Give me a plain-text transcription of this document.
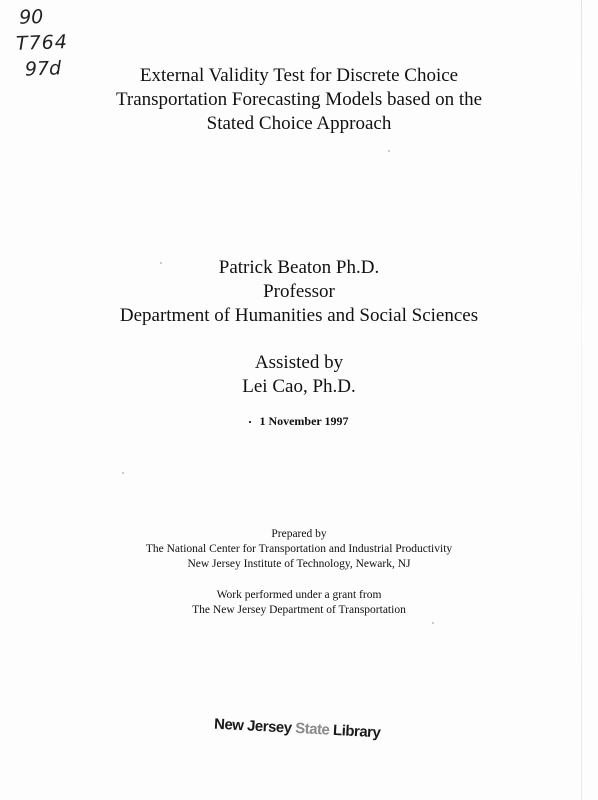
90
T764
97d	External Validity Test for Discrete Choice
Transportation Forecasting Models based on the
Stated Choice Approach
Patrick Beaton Ph.D.
Professor
Department of Humanities and Social Sciences
Assisted by
Lei Cao, Ph.D.
1 November 1997
Prepared by
The National Center for Transportation and Industrial Productivity
New Jersey Institute of Technology, Newark, NJ
Work performed under a grant from
The New Jersey Department of Transportation
New Jersey State Library
